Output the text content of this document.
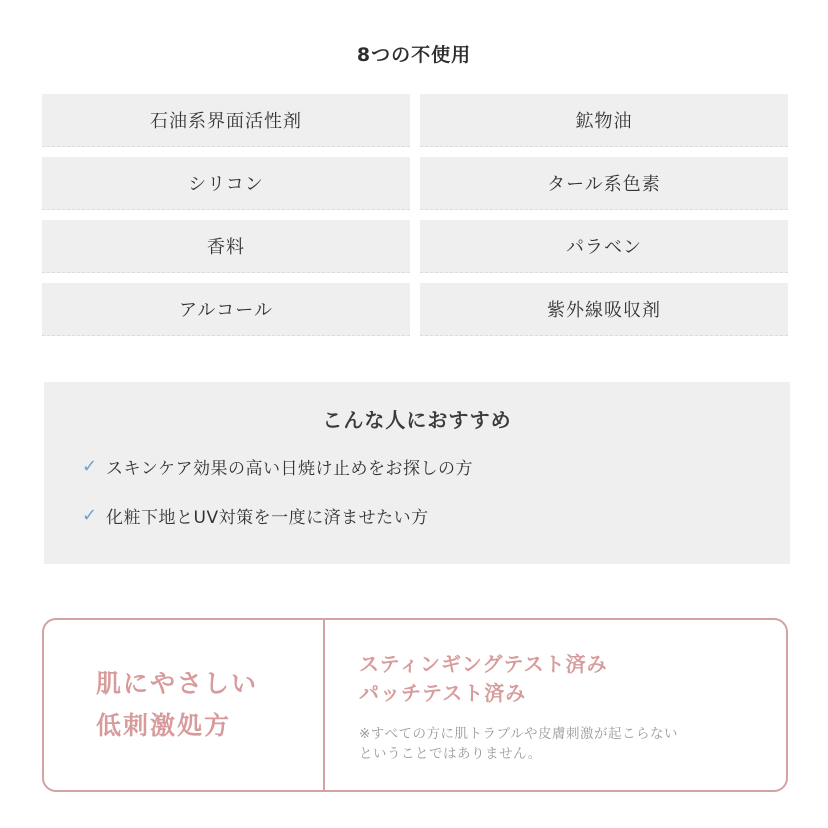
8つの不使用
石油系界面活性剤	鉱物油
シリコン	タール系色素
香料	パラベン
アルコール	紫外線吸収剤
こんな人におすすめ
✓ スキンケア効果の高い日焼け止めをお探しの方
✓ 化粧下地とUV対策を一度に済ませたい方
肌にやさしい
低刺激処方
スティンギングテスト済み
パッチテスト済み
※すべての方に肌トラブルや皮膚刺激が起こらない
ということではありません。
